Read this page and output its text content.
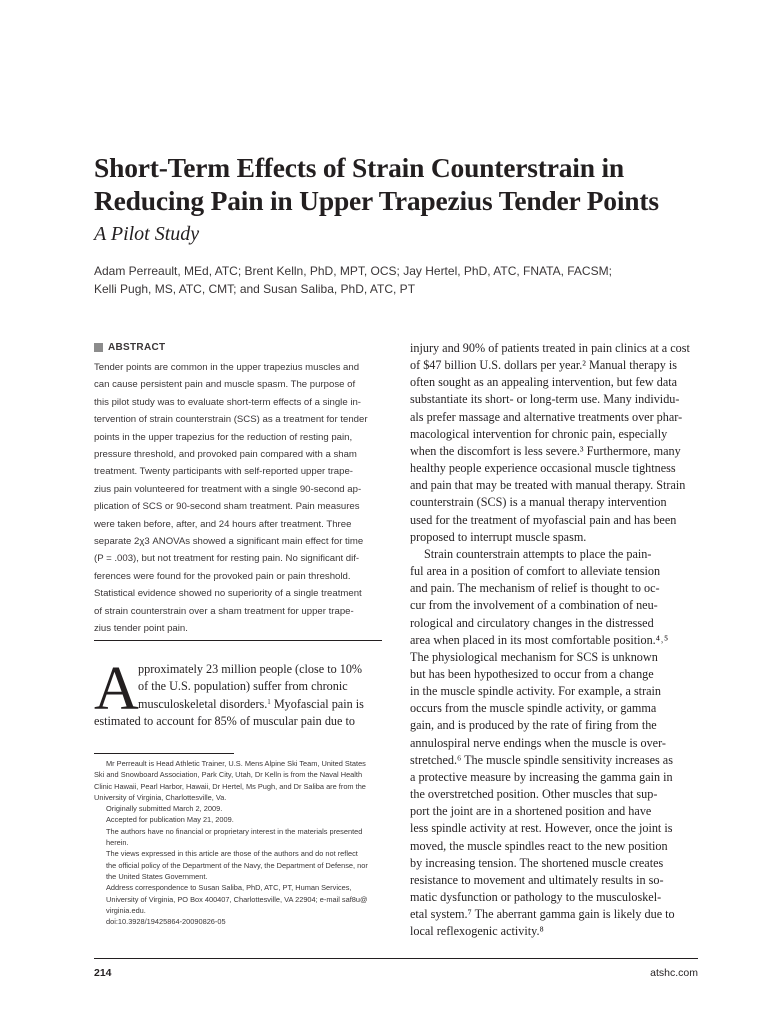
Short-Term Effects of Strain Counterstrain in
Reducing Pain in Upper Trapezius Tender Points
A Pilot Study
Adam Perreault, MEd, ATC; Brent Kelln, PhD, MPT, OCS; Jay Hertel, PhD, ATC, FNATA, FACSM;
Kelli Pugh, MS, ATC, CMT; and Susan Saliba, PhD, ATC, PT
ABSTRACT
Tender points are common in the upper trapezius muscles and
can cause persistent pain and muscle spasm. The purpose of
this pilot study was to evaluate short-term effects of a single in-
tervention of strain counterstrain (SCS) as a treatment for tender
points in the upper trapezius for the reduction of resting pain,
pressure threshold, and provoked pain compared with a sham
treatment. Twenty participants with self-reported upper trape-
zius pain volunteered for treatment with a single 90-second ap-
plication of SCS or 90-second sham treatment. Pain measures
were taken before, after, and 24 hours after treatment. Three
separate 2χ3 ANOVAs showed a significant main effect for time
(P = .003), but not treatment for resting pain. No significant dif-
ferences were found for the provoked pain or pain threshold.
Statistical evidence showed no superiority of a single treatment
of strain counterstrain over a sham treatment for upper trape-
zius tender point pain.
A pproximately 23 million people (close to 10%
of the U.S. population) suffer from chronic
musculoskeletal disorders.$^1$ Myofascial pain is
estimated to account for 85% of muscular pain due to
Mr Perreault is Head Athletic Trainer, U.S. Mens Alpine Ski Team, United States
Ski and Snowboard Association, Park City, Utah, Dr Kelln is from the Naval Health
Clinic Hawaii, Pearl Harbor, Hawaii, Dr Hertel, Ms Pugh, and Dr Saliba are from the
University of Virginia, Charlottesville, Va.
Originally submitted March 2, 2009.
Accepted for publication May 21, 2009.
The authors have no financial or proprietary interest in the materials presented
herein.
The views expressed in this article are those of the authors and do not reflect
the official policy of the Department of the Navy, the Department of Defense, nor
the United States Government.
Address correspondence to Susan Saliba, PhD, ATC, PT, Human Services,
University of Virginia, PO Box 400407, Charlottesville, VA 22904; e-mail saf8u@
virginia.edu.
doi:10.3928/19425864-20090826-05
injury and 90% of patients treated in pain clinics at a cost
of $47 billion U.S. dollars per year.² Manual therapy is
often sought as an appealing intervention, but few data
substantiate its short- or long-term use. Many individu-
als prefer massage and alternative treatments over phar-
macological intervention for chronic pain, especially
when the discomfort is less severe.³ Furthermore, many
healthy people experience occasional muscle tightness
and pain that may be treated with manual therapy. Strain
counterstrain (SCS) is a manual therapy intervention
used for the treatment of myofascial pain and has been
proposed to interrupt muscle spasm.
Strain counterstrain attempts to place the pain-
ful area in a position of comfort to alleviate tension
and pain. The mechanism of relief is thought to oc-
cur from the involvement of a combination of neu-
rological and circulatory changes in the distressed
area when placed in its most comfortable position.⁴˒⁵
The physiological mechanism for SCS is unknown
but has been hypothesized to occur from a change
in the muscle spindle activity. For example, a strain
occurs from the muscle spindle activity, or gamma
gain, and is produced by the rate of firing from the
annulospiral nerve endings when the muscle is over-
stretched.⁶ The muscle spindle sensitivity increases as
a protective measure by increasing the gamma gain in
the overstretched position. Other muscles that sup-
port the joint are in a shortened position and have
less spindle activity at rest. However, once the joint is
moved, the muscle spindles react to the new position
by increasing tension. The shortened muscle creates
resistance to movement and ultimately results in so-
matic dysfunction or pathology to the musculoskel-
etal system.⁷ The aberrant gamma gain is likely due to
local reflexogenic activity.⁸
214	atshc.com
